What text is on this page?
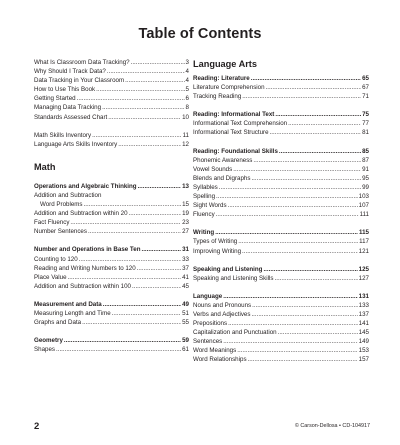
Table of Contents
What Is Classroom Data Tracking? .....	3
Why Should I Track Data? .....	4
Data Tracking in Your Classroom .....	4
How to Use This Book .....	5
Getting Started .....	6
Managing Data Tracking .....	8
Standards Assessed Chart .....	10
Math Skills Inventory .....	11
Language Arts Skills Inventory .....	12
Math
Operations and Algebraic Thinking .....	13
Addition and Subtraction
Word Problems .....	15
Addition and Subtraction within 20 .....	19
Fact Fluency .....	23
Number Sentences .....	27
Number and Operations in Base Ten .....	31
Counting to 120 .....	33
Reading and Writing Numbers to 120 .....	37
Place Value .....	41
Addition and Subtraction within 100 .....	45
Measurement and Data .....	49
Measuring Length and Time .....	51
Graphs and Data .....	55
Geometry .....	59
Shapes .....	61
Language Arts
Reading: Literature .....	65
Literature Comprehension .....	67
Tracking Reading .....	71
Reading: Informational Text .....	75
Informational Text Comprehension .....	77
Informational Text Structure .....	81
Reading: Foundational Skills .....	85
Phonemic Awareness .....	87
Vowel Sounds .....	91
Blends and Digraphs .....	95
Syllables .....	99
Spelling .....	103
Sight Words .....	107
Fluency .....	111
Writing .....	115
Types of Writing .....	117
Improving Writing .....	121
Speaking and Listening .....	125
Speaking and Listening Skills .....	127
Language .....	131
Nouns and Pronouns .....	133
Verbs and Adjectives .....	137
Prepositions .....	141
Capitalization and Punctuation .....	145
Sentences .....	149
Word Meanings .....	153
Word Relationships .....	157
2	© Carson-Dellosa • CD-104917
